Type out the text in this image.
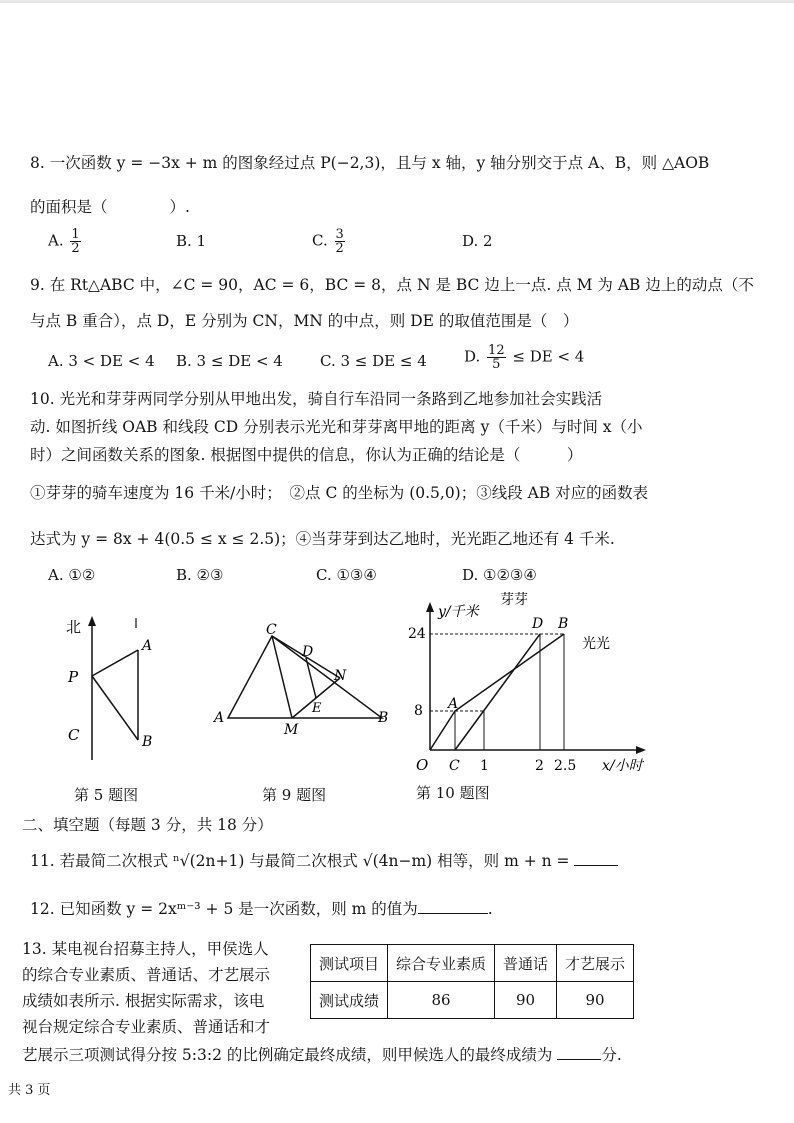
8. 一次函数 y = −3x + m 的图象经过点 P(−2,3)，且与 x 轴，y 轴分别交于点 A、B，则 △AOB
的面积是（　　　　）.
A. $\frac{1}{2}$	B. 1	C. $\frac{3}{2}$	D. 2
9. 在 Rt△ABC 中，∠C = 90，AC = 6，BC = 8，点 N 是 BC 边上一点. 点 M 为 AB 边上的动点（不
与点 B 重合），点 D，E 分别为 CN，MN 的中点，则 DE 的取值范围是（　）
A. 3 < DE < 4 B. 3 ≤ DE < 4 C. 3 ≤ DE ≤ 4 D. $\frac{12}{5}$ ≤ DE < 4
10. 光光和芽芽两同学分别从甲地出发，骑自行车沿同一条路到乙地参加社会实践活
动. 如图折线 OAB 和线段 CD 分别表示光光和芽芽离甲地的距离 y（千米）与时间 x（小
时）之间函数关系的图象. 根据图中提供的信息，你认为正确的结论是（　　　）
①芽芽的骑车速度为 16 千米/小时；　②点 C 的坐标为 (0.5,0)；③线段 AB 对应的函数表
达式为 y = 8x + 4(0.5 ≤ x ≤ 2.5)；④当芽芽到达乙地时，光光距乙地还有 4 千米.
A. ①②	B. ②③	C. ①③④	D. ①②③④
北
A
P
C	B
第 5 题图
C
D
N
E
A
M
B
第 9 题图
y/千米
芽芽
光光
24
8
O C 1	2 2.5 x/小时
A
D B
第 10 题图
二、填空题（每题 3 分，共 18 分）
11. 若最简二次根式 ⁿ√(2n+1) 与最简二次根式 √(4n−m) 相等，则 m + n =
12. 已知函数 y = 2xᵐ⁻³ + 5 是一次函数，则 m 的值为	.
13. 某电视台招募主持人，甲侯选人
的综合专业素质、普通话、才艺展示
成绩如表所示. 根据实际需求，该电
视台规定综合专业素质、普通话和才
艺展示三项测试得分按 5:3:2 的比例确定最终成绩，则甲候选人的最终成绩为	分.
测试项目	综合专业素质	普通话	才艺展示
测试成绩	86	90	90
共 3 页
